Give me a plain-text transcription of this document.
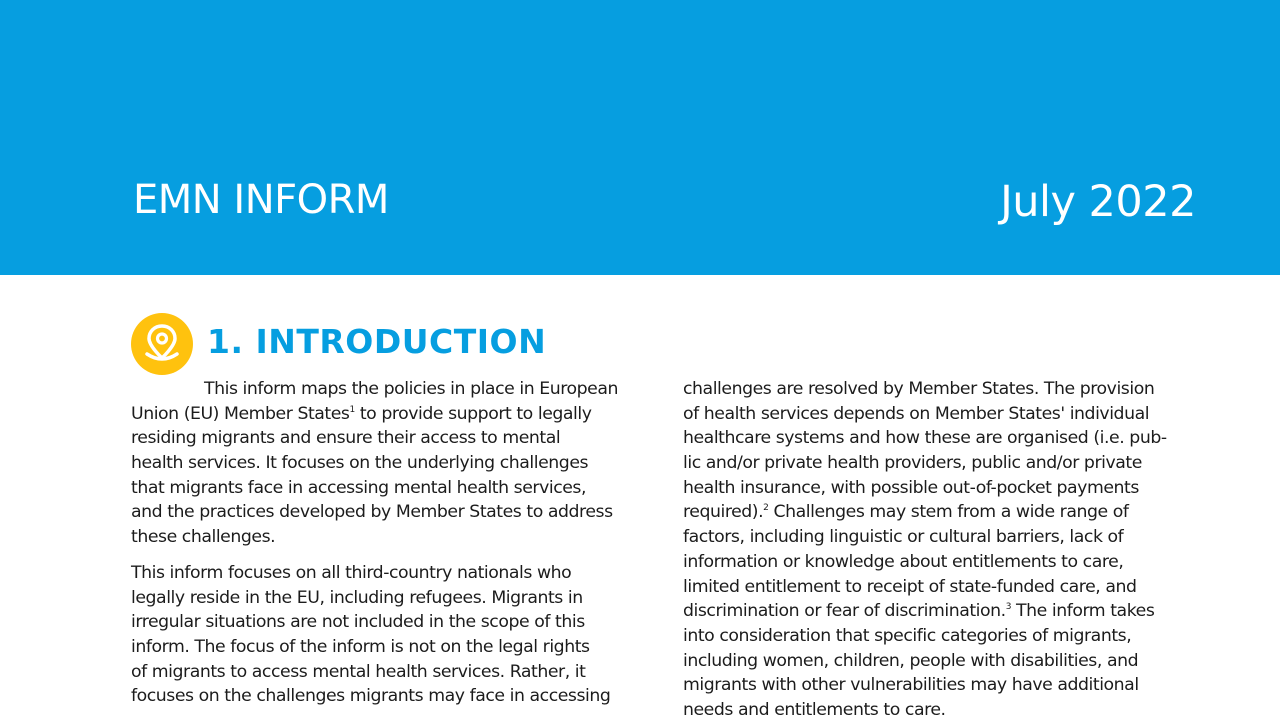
EMN INFORM	July 2022
1. INTRODUCTION
This inform maps the policies in place in European
Union (EU) Member States$^1$ to provide support to legally
residing migrants and ensure their access to mental
health services. It focuses on the underlying challenges
that migrants face in accessing mental health services,
and the practices developed by Member States to address
these challenges.
This inform focuses on all third-country nationals who
legally reside in the EU, including refugees. Migrants in
irregular situations are not included in the scope of this
inform. The focus of the inform is not on the legal rights
of migrants to access mental health services. Rather, it
focuses on the challenges migrants may face in accessing
challenges are resolved by Member States. The provision
of health services depends on Member States' individual
healthcare systems and how these are organised (i.e. pub-
lic and/or private health providers, public and/or private
health insurance, with possible out-of-pocket payments
required).$^2$ Challenges may stem from a wide range of
factors, including linguistic or cultural barriers, lack of
information or knowledge about entitlements to care,
limited entitlement to receipt of state-funded care, and
discrimination or fear of discrimination.$^3$ The inform takes
into consideration that specific categories of migrants,
including women, children, people with disabilities, and
migrants with other vulnerabilities may have additional
needs and entitlements to care.
